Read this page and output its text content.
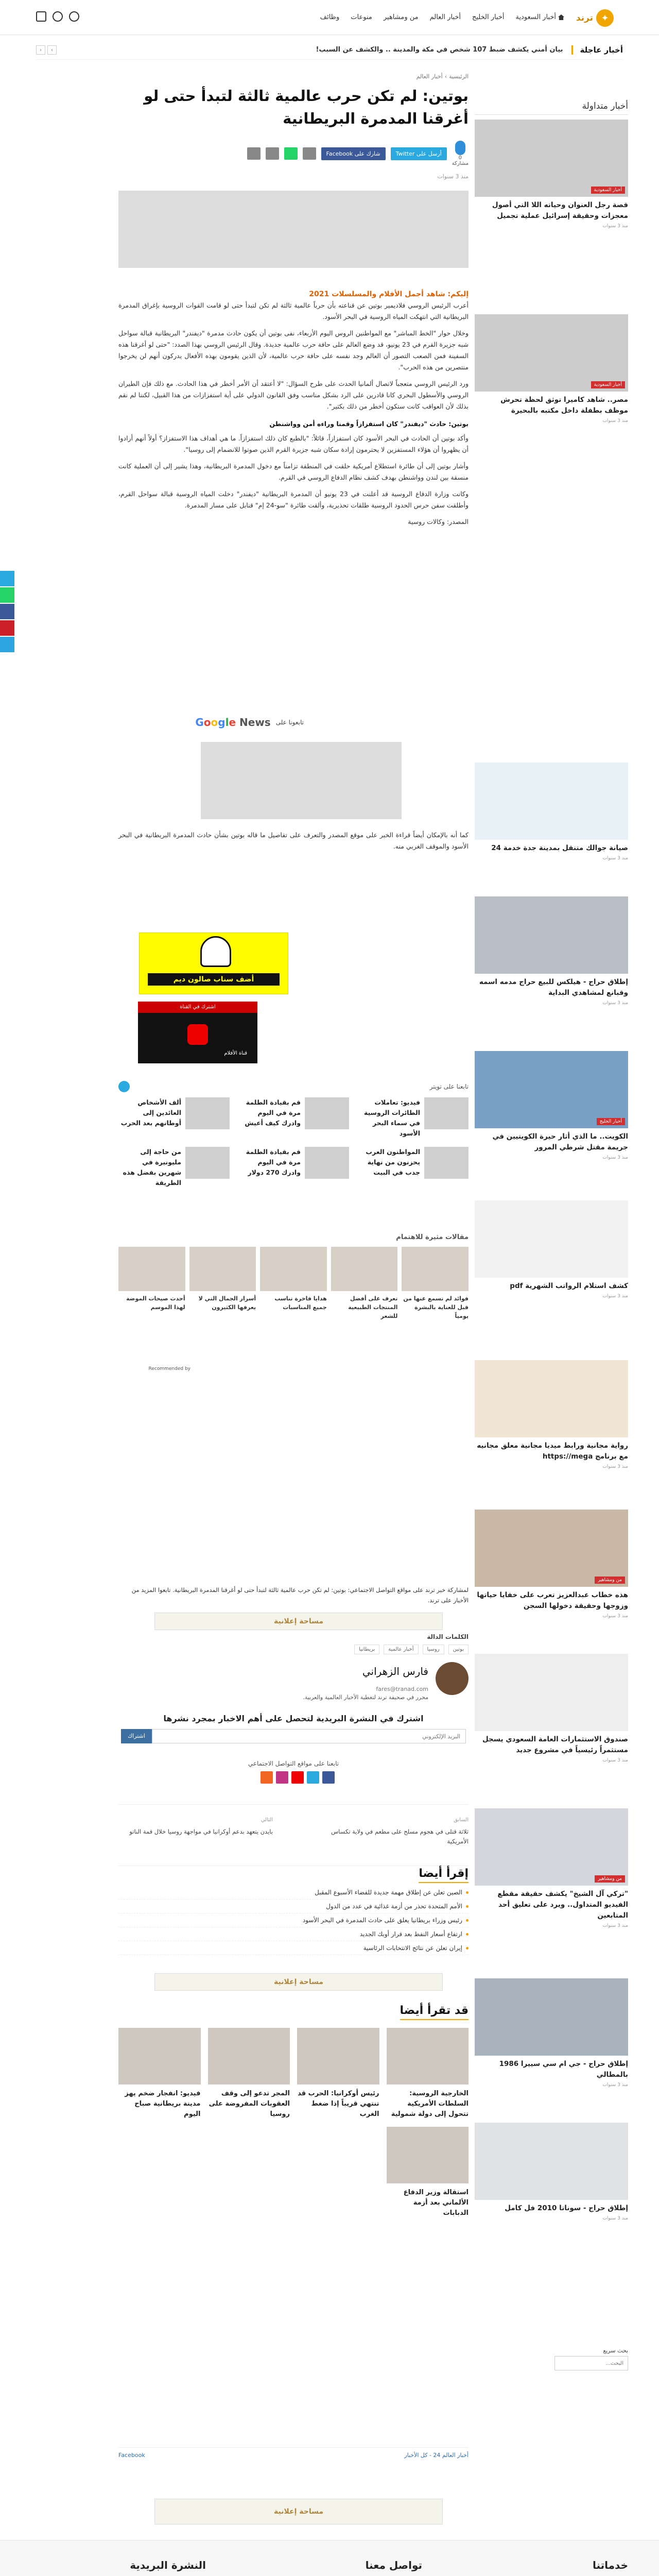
✦
ترند
أخبار السعودية
أخبار الخليج
أخبار العالم
من ومشاهير
منوعات
وظائف
أخبار عاجلة
بيان أمني يكشف ضبط 107 شخص في مكة والمدينة .. والكشف عن السبب!
›
‹
الرئيسية›أخبار العالم
بوتين: لم تكن حرب عالمية ثالثة لتبدأ حتى لو أغرقنا المدمرة البريطانية
0
مشاركة
أرسل على Twitter
شارك على Facebook
منذ 3 سنوات

إليكم: شاهد أجمل الأفلام والمسلسلات 2021

أعرب الرئيس الروسي فلاديمير بوتين عن قناعته بأن حرباً عالمية ثالثة لم تكن لتبدأ حتى لو قامت القوات الروسية بإغراق المدمرة البريطانية التي انتهكت المياه الروسية في البحر الأسود.

وخلال حوار "الخط المباشر" مع المواطنين الروس اليوم الأربعاء، نفى بوتين أن يكون حادث مدمرة "ديفندر" البريطانية قبالة سواحل شبه جزيرة القرم في 23 يونيو، قد وضع العالم على حافة حرب عالمية جديدة. وقال الرئيس الروسي بهذا الصدد: "حتى لو أغرقنا هذه السفينة فمن الصعب التصور أن العالم وجد نفسه على حافة حرب عالمية، لأن الذين يقومون بهذه الأفعال يدركون أنهم لن يخرجوا منتصرين من هذه الحرب".

ورد الرئيس الروسي متعجباً لاتصال ألمانيا الحدث على طرح السؤال: "لا أعتقد أن الأمر أخطر في هذا الحادث. مع ذلك فإن الطيران الروسي والأسطول البحري كانا قادرين على الرد بشكل مناسب وفق القانون الدولي على أية استفزازات من هذا القبيل، لكننا لم نقم بذلك لأن العواقب كانت ستكون أخطر من ذلك بكثير".

بوتين: حادث "ديفندر" كان استفزازاً وقمنا وراءه أمن وواشنطن

وأكد بوتين أن الحادث في البحر الأسود كان استفزازاً، قائلاً: "بالطبع كان ذلك استفزازاً. ما هي أهداف هذا الاستفزاز؟ أولاً أنهم أرادوا أن يظهروا أن هؤلاء المستفزين لا يحترمون إرادة سكان شبه جزيرة القرم الذين صوتوا للانضمام إلى روسيا".

وأشار بوتين إلى أن طائرة استطلاع أمريكية حلقت في المنطقة تزامناً مع دخول المدمرة البريطانية، وهذا يشير إلى أن العملية كانت منسقة بين لندن وواشنطن بهدف كشف نظام الدفاع الروسي في القرم.

وكانت وزارة الدفاع الروسية قد أعلنت في 23 يونيو أن المدمرة البريطانية "ديفندر" دخلت المياه الروسية قبالة سواحل القرم، وأطلقت سفن حرس الحدود الروسية طلقات تحذيرية، وألقت طائرة "سو-24 إم" قنابل على مسار المدمرة.

المصدر: وكالات روسية

تابعونا على
Google News

كما أنه بالإمكان أيضاً قراءة الخبر على موقع المصدر والتعرف على تفاصيل ما قاله بوتين بشأن حادث المدمرة البريطانية في البحر الأسود والموقف الغربي منه.

أضف سناب صالون ديم
اشترك في القناة
قناة الأفلام
تابعنا على تويتر
فيديو: تعاملات الطائرات الروسية في سماء البحر الأسود
قم بقيادة الطلمة مرة في اليوم وادرك كيف أعيش
ألف الأشخاص العائدين إلى أوطانهم بعد الحرب
المواطنون العرب يحزنون من نهاية جدب في البيت
قم بقيادة الطلمة مرة في اليوم وادرك 270 دولار
من حاجة إلى مليونيرة في شهرين بفضل هذه الطريقة
مقالات مثيرة للاهتمام
فوائد لم تسمع عنها من قبل للعناية بالبشرة يومياً
تعرف على أفضل المنتجات الطبيعية للشعر
هدايا فاخرة تناسب جميع المناسبات
أسرار الجمال التي لا يعرفها الكثيرون
أحدث صيحات الموضة لهذا الموسم
Recommended by
لمشاركة خبر ترند على مواقع التواصل الاجتماعي: بوتين: لم تكن حرب عالمية ثالثة لتبدأ حتى لو أغرقنا المدمرة البريطانية. تابعوا المزيد من الأخبار على ترند.
مساحة إعلانية
الكلمات الدالة
بوتين
روسيا
أخبار عالمية
بريطانيا
فارس الزهراني
fares@tranad.com
محرر في صحيفة ترند لتغطية الأخبار العالمية والعربية.
اشترك في النشرة البريدية لتحصل على أهم الاخبار بمجرد نشرها
البريد الإلكتروني
اشتراك
تابعنا على مواقع التواصل الاجتماعي
السابق
ثلاثة قتلى في هجوم مسلح على مطعم في ولاية تكساس الأمريكية
التالي
بايدن يتعهد بدعم أوكرانيا في مواجهة روسيا خلال قمة الناتو
إقرأ أيضا
الصين تعلن عن إطلاق مهمة جديدة للفضاء الأسبوع المقبل
الأمم المتحدة تحذر من أزمة غذائية في عدد من الدول
رئيس وزراء بريطانيا يعلق على حادث المدمرة في البحر الأسود
ارتفاع أسعار النفط بعد قرار أوبك الجديد
إيران تعلن عن نتائج الانتخابات الرئاسية
مساحة إعلانية
قد تقرأ أيضا
الخارجية الروسية: السلطات الأمريكية تتحول إلى دولة شمولية
رئيس أوكرانيا: الحرب قد تنتهي قريباً إذا ضغط الغرب
المجر تدعو إلى وقف العقوبات المفروضة على روسيا
فيديو: انفجار ضخم يهز مدينة بريطانية صباح اليوم
استقالة وزير الدفاع الألماني بعد أزمة الدبابات
أخبار العالم 24 - كل الأخبار
Facebook
مساحة إعلانية
أخبار متداولة
أخبار السعودية
قصة رجل العنوان وحياته اللا التي أصول معجزات وحقيقة إسرائيل عملية تجميل
منذ 3 سنوات
أخبار السعودية
مصر.. شاهد كاميرا توثق لحظة تحرش موظف بطفلة داخل مكتبه بالبحيرة
منذ 3 سنوات
صيانة جوالك متنقل بمدينة جدة خدمة 24
منذ 3 سنوات
إطلاق حراج - هيلكس للبيع حراج مدمه اسمه وقبانع لمشاهدي البداية
منذ 3 سنوات
أخبار الخليج
الكويت.. ما الذي أثار حيرة الكويتيين في جريمة مقتل شرطي المرور
منذ 3 سنوات
كشف استلام الرواتب الشهرية pdf
منذ 3 سنوات
رواية مجانية ورابط ميديا مجانية معلق مجانيه مع برنامج https://mega
منذ 3 سنوات
من ومشاهير
هذه خطاب عبدالعزيز تعرب على خفايا حياتها وزوجها وحقيقة دخولها السجن
منذ 3 سنوات
صندوق الاستثمارات العامة السعودي يسجل مستثمراً رئيسياً في مشروع جديد
منذ 3 سنوات
من ومشاهير
"تركي آل الشيخ" يكشف حقيقة مقطع الفيديو المتداول.. ويرد على تعليق أحد المتابعين
منذ 3 سنوات
إطلاق حراج - جي ام سي سييرا 1986 بالمطالي
منذ 3 سنوات
إطلاق حراج - سوناتا 2010 فل كامل
منذ 3 سنوات
بحث سريع
البحث...
خدماتنا
تواصل معنا
النشرة البريدية
